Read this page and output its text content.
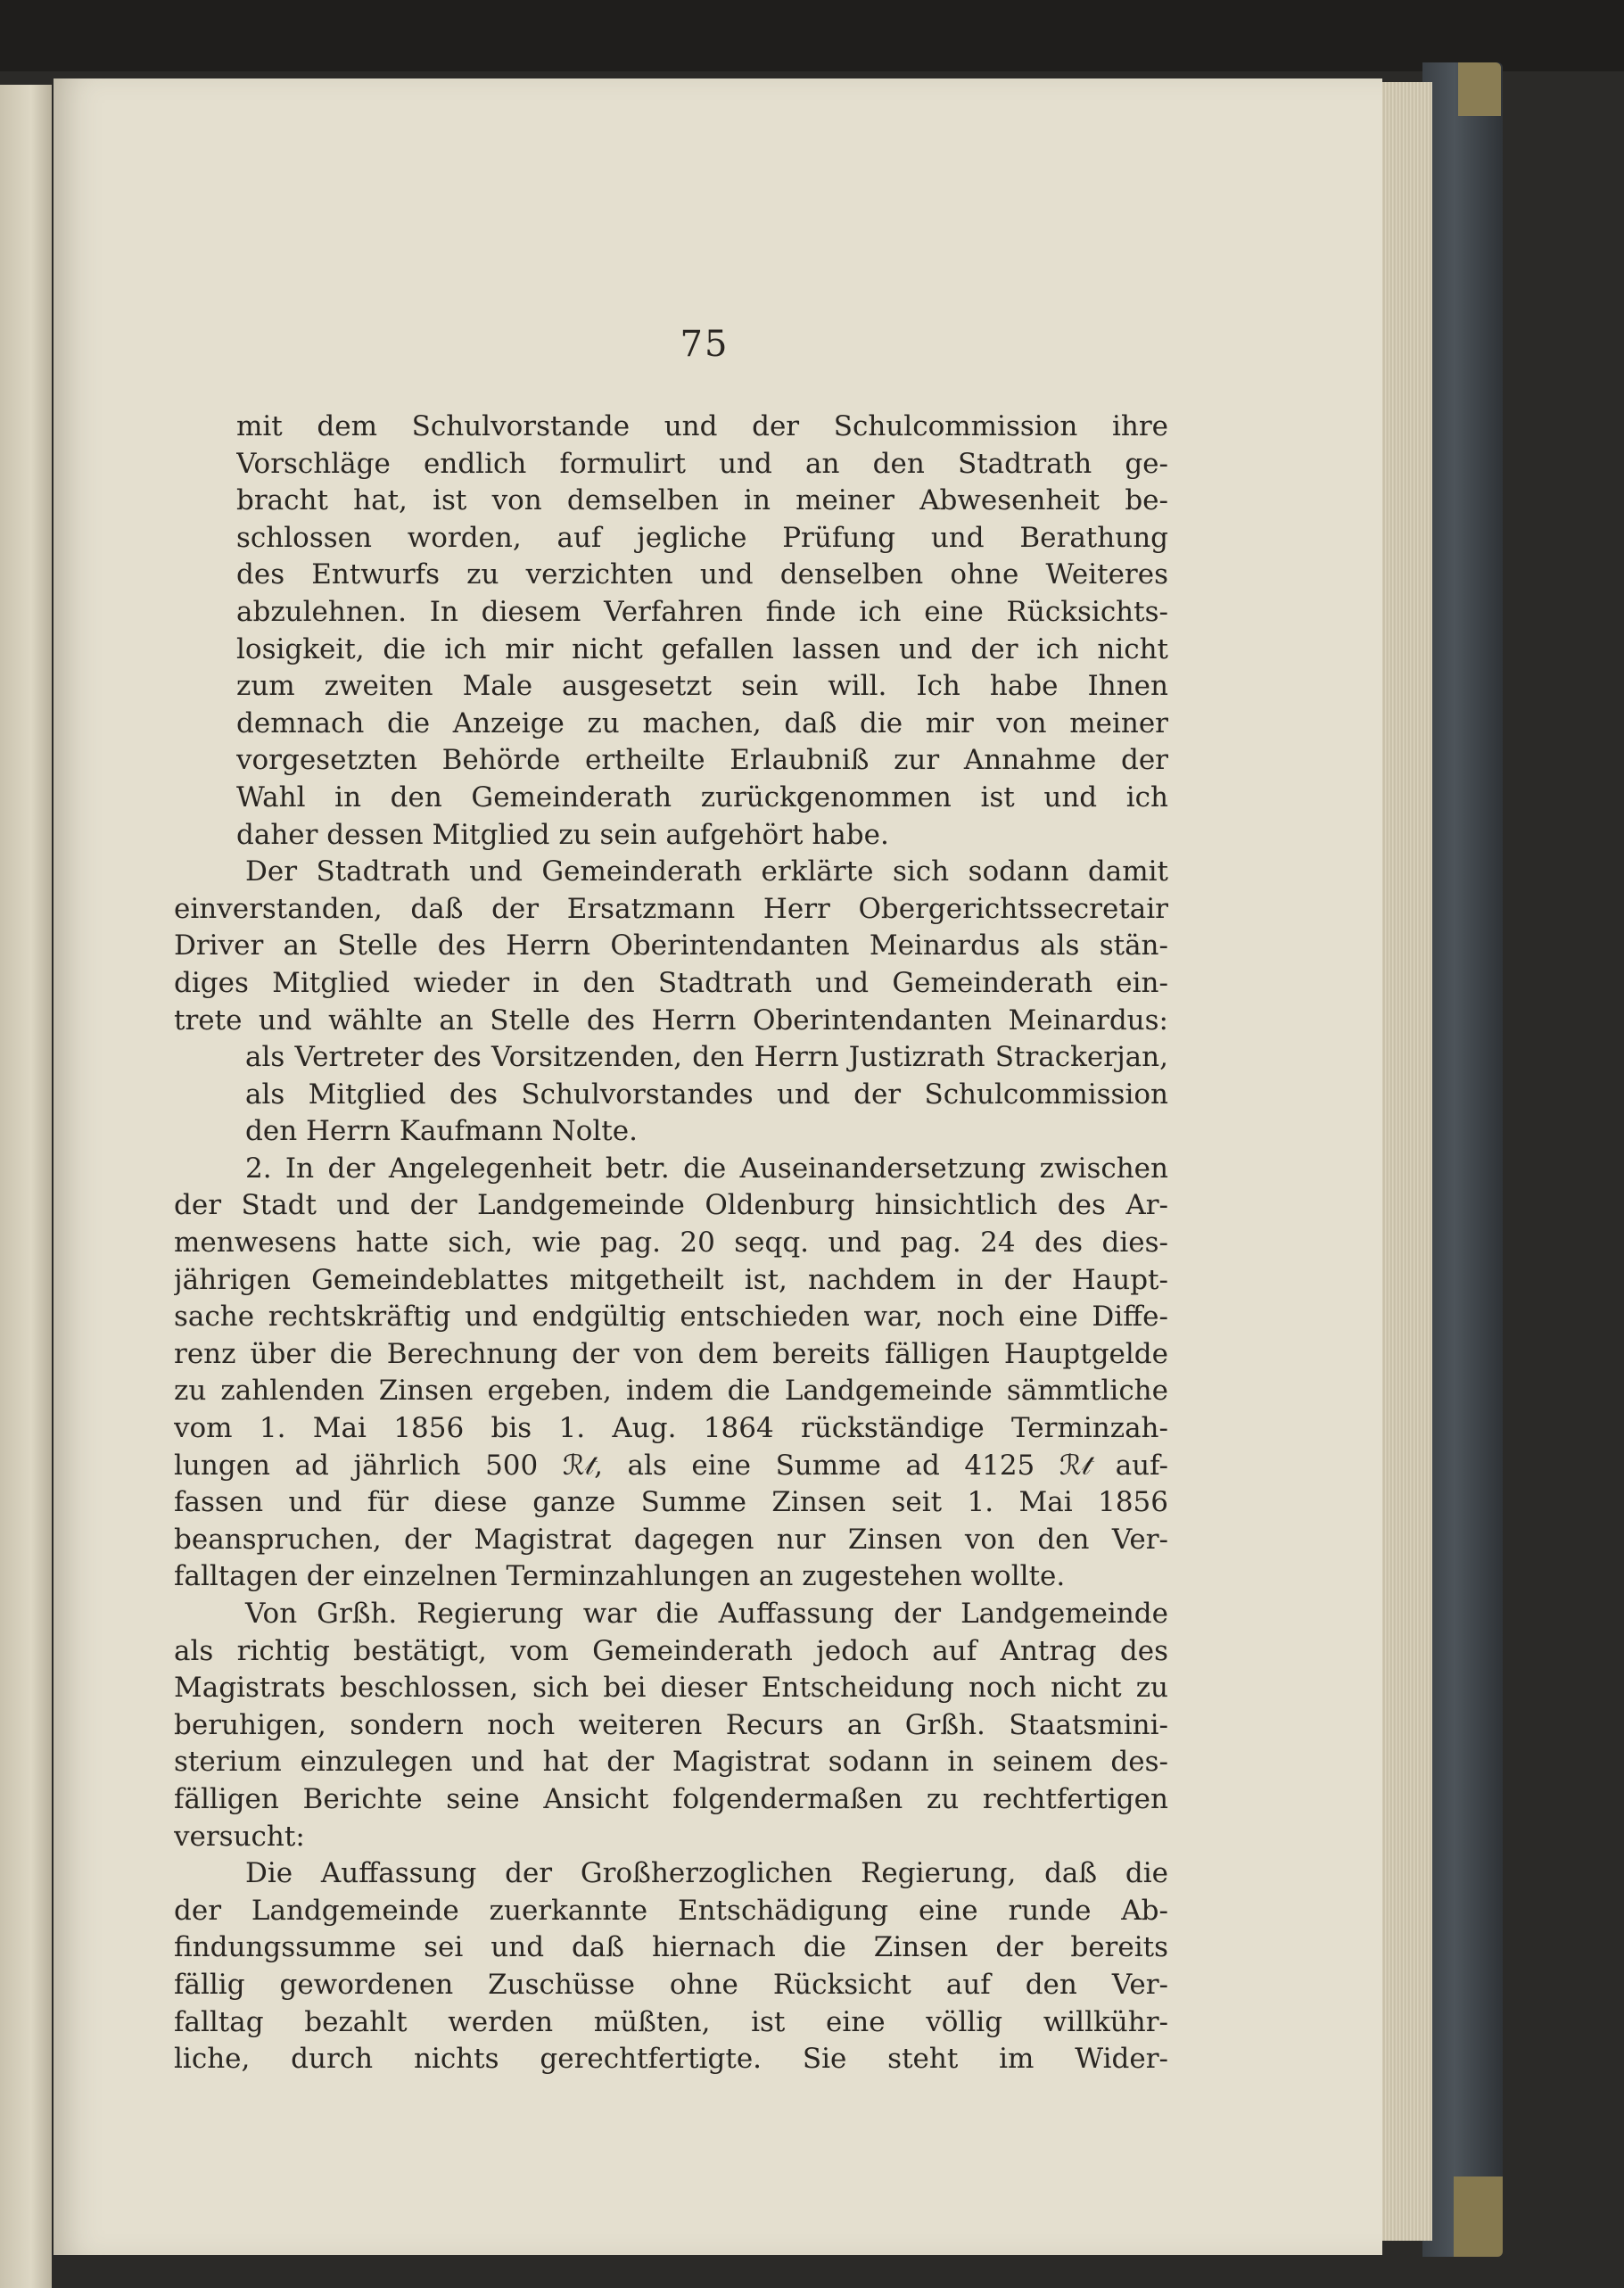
75
mit dem Schulvorstande und der Schulcommission ihre
Vorschläge endlich formulirt und an den Stadtrath ge-
bracht hat, ist von demselben in meiner Abwesenheit be-
schlossen worden, auf jegliche Prüfung und Berathung
des Entwurfs zu verzichten und denselben ohne Weiteres
abzulehnen. In diesem Verfahren finde ich eine Rücksichts-
losigkeit, die ich mir nicht gefallen lassen und der ich nicht
zum zweiten Male ausgesetzt sein will. Ich habe Ihnen
demnach die Anzeige zu machen, daß die mir von meiner
vorgesetzten Behörde ertheilte Erlaubniß zur Annahme der
Wahl in den Gemeinderath zurückgenommen ist und ich
daher dessen Mitglied zu sein aufgehört habe.
Der Stadtrath und Gemeinderath erklärte sich sodann damit
einverstanden, daß der Ersatzmann Herr Obergerichtssecretair
Driver an Stelle des Herrn Oberintendanten Meinardus als stän-
diges Mitglied wieder in den Stadtrath und Gemeinderath ein-
trete und wählte an Stelle des Herrn Oberintendanten Meinardus:
als Vertreter des Vorsitzenden, den Herrn Justizrath Strackerjan,
als Mitglied des Schulvorstandes und der Schulcommission
den Herrn Kaufmann Nolte.
2. In der Angelegenheit betr. die Auseinandersetzung zwischen
der Stadt und der Landgemeinde Oldenburg hinsichtlich des Ar-
menwesens hatte sich, wie pag. 20 seqq. und pag. 24 des dies-
jährigen Gemeindeblattes mitgetheilt ist, nachdem in der Haupt-
sache rechtskräftig und endgültig entschieden war, noch eine Diffe-
renz über die Berechnung der von dem bereits fälligen Hauptgelde
zu zahlenden Zinsen ergeben, indem die Landgemeinde sämmtliche
vom 1. Mai 1856 bis 1. Aug. 1864 rückständige Terminzah-
lungen ad jährlich 500 ℛ𝓉, als eine Summe ad 4125 ℛ𝓉 auf-
fassen und für diese ganze Summe Zinsen seit 1. Mai 1856
beanspruchen, der Magistrat dagegen nur Zinsen von den Ver-
falltagen der einzelnen Terminzahlungen an zugestehen wollte.
Von Grßh. Regierung war die Auffassung der Landgemeinde
als richtig bestätigt, vom Gemeinderath jedoch auf Antrag des
Magistrats beschlossen, sich bei dieser Entscheidung noch nicht zu
beruhigen, sondern noch weiteren Recurs an Grßh. Staatsmini-
sterium einzulegen und hat der Magistrat sodann in seinem des-
fälligen Berichte seine Ansicht folgendermaßen zu rechtfertigen
versucht:
Die Auffassung der Großherzoglichen Regierung, daß die
der Landgemeinde zuerkannte Entschädigung eine runde Ab-
findungssumme sei und daß hiernach die Zinsen der bereits
fällig gewordenen Zuschüsse ohne Rücksicht auf den Ver-
falltag bezahlt werden müßten, ist eine völlig willkühr-
liche, durch nichts gerechtfertigte. Sie steht im Wider-
